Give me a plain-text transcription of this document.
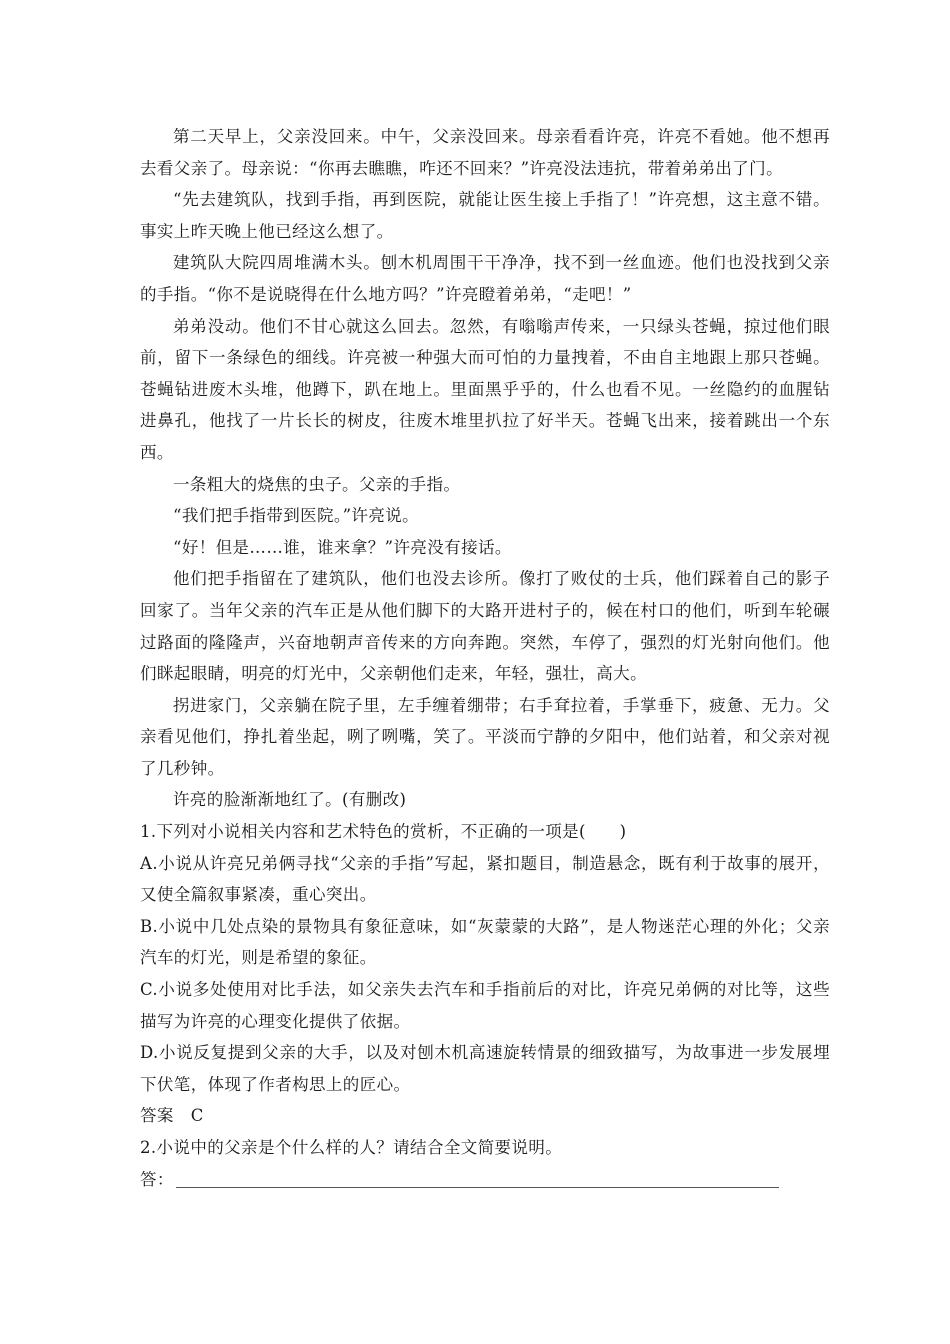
第二天早上，父亲没回来。中午，父亲没回来。母亲看看许亮，许亮不看她。他不想再去看父亲了。母亲说：“你再去瞧瞧，咋还不回来？”许亮没法违抗，带着弟弟出了门。

“先去建筑队，找到手指，再到医院，就能让医生接上手指了！”许亮想，这主意不错。事实上昨天晚上他已经这么想了。

建筑队大院四周堆满木头。刨木机周围干干净净，找不到一丝血迹。他们也没找到父亲的手指。“你不是说晓得在什么地方吗？”许亮瞪着弟弟，“走吧！”

弟弟没动。他们不甘心就这么回去。忽然，有嗡嗡声传来，一只绿头苍蝇，掠过他们眼前，留下一条绿色的细线。许亮被一种强大而可怕的力量拽着，不由自主地跟上那只苍蝇。苍蝇钻进废木头堆，他蹲下，趴在地上。里面黑乎乎的，什么也看不见。一丝隐约的血腥钻进鼻孔，他找了一片长长的树皮，往废木堆里扒拉了好半天。苍蝇飞出来，接着跳出一个东西。

一条粗大的烧焦的虫子。父亲的手指。

“我们把手指带到医院。”许亮说。

“好！但是……谁，谁来拿？”许亮没有接话。

他们把手指留在了建筑队，他们也没去诊所。像打了败仗的士兵，他们踩着自己的影子回家了。当年父亲的汽车正是从他们脚下的大路开进村子的，候在村口的他们，听到车轮碾过路面的隆隆声，兴奋地朝声音传来的方向奔跑。突然，车停了，强烈的灯光射向他们。他们眯起眼睛，明亮的灯光中，父亲朝他们走来，年轻，强壮，高大。

拐进家门，父亲躺在院子里，左手缠着绷带；右手耷拉着，手掌垂下，疲惫、无力。父亲看见他们，挣扎着坐起，咧了咧嘴，笑了。平淡而宁静的夕阳中，他们站着，和父亲对视了几秒钟。

许亮的脸渐渐地红了。(有删改)

1.下列对小说相关内容和艺术特色的赏析，不正确的一项是(　　)

A.小说从许亮兄弟俩寻找“父亲的手指”写起，紧扣题目，制造悬念，既有利于故事的展开，又使全篇叙事紧凑，重心突出。

B.小说中几处点染的景物具有象征意味，如“灰蒙蒙的大路”，是人物迷茫心理的外化；父亲汽车的灯光，则是希望的象征。

C.小说多处使用对比手法，如父亲失去汽车和手指前后的对比，许亮兄弟俩的对比等，这些描写为许亮的心理变化提供了依据。

D.小说反复提到父亲的大手，以及对刨木机高速旋转情景的细致描写，为故事进一步发展埋下伏笔，体现了作者构思上的匠心。

答案　C

2.小说中的父亲是个什么样的人？请结合全文简要说明。

答：
